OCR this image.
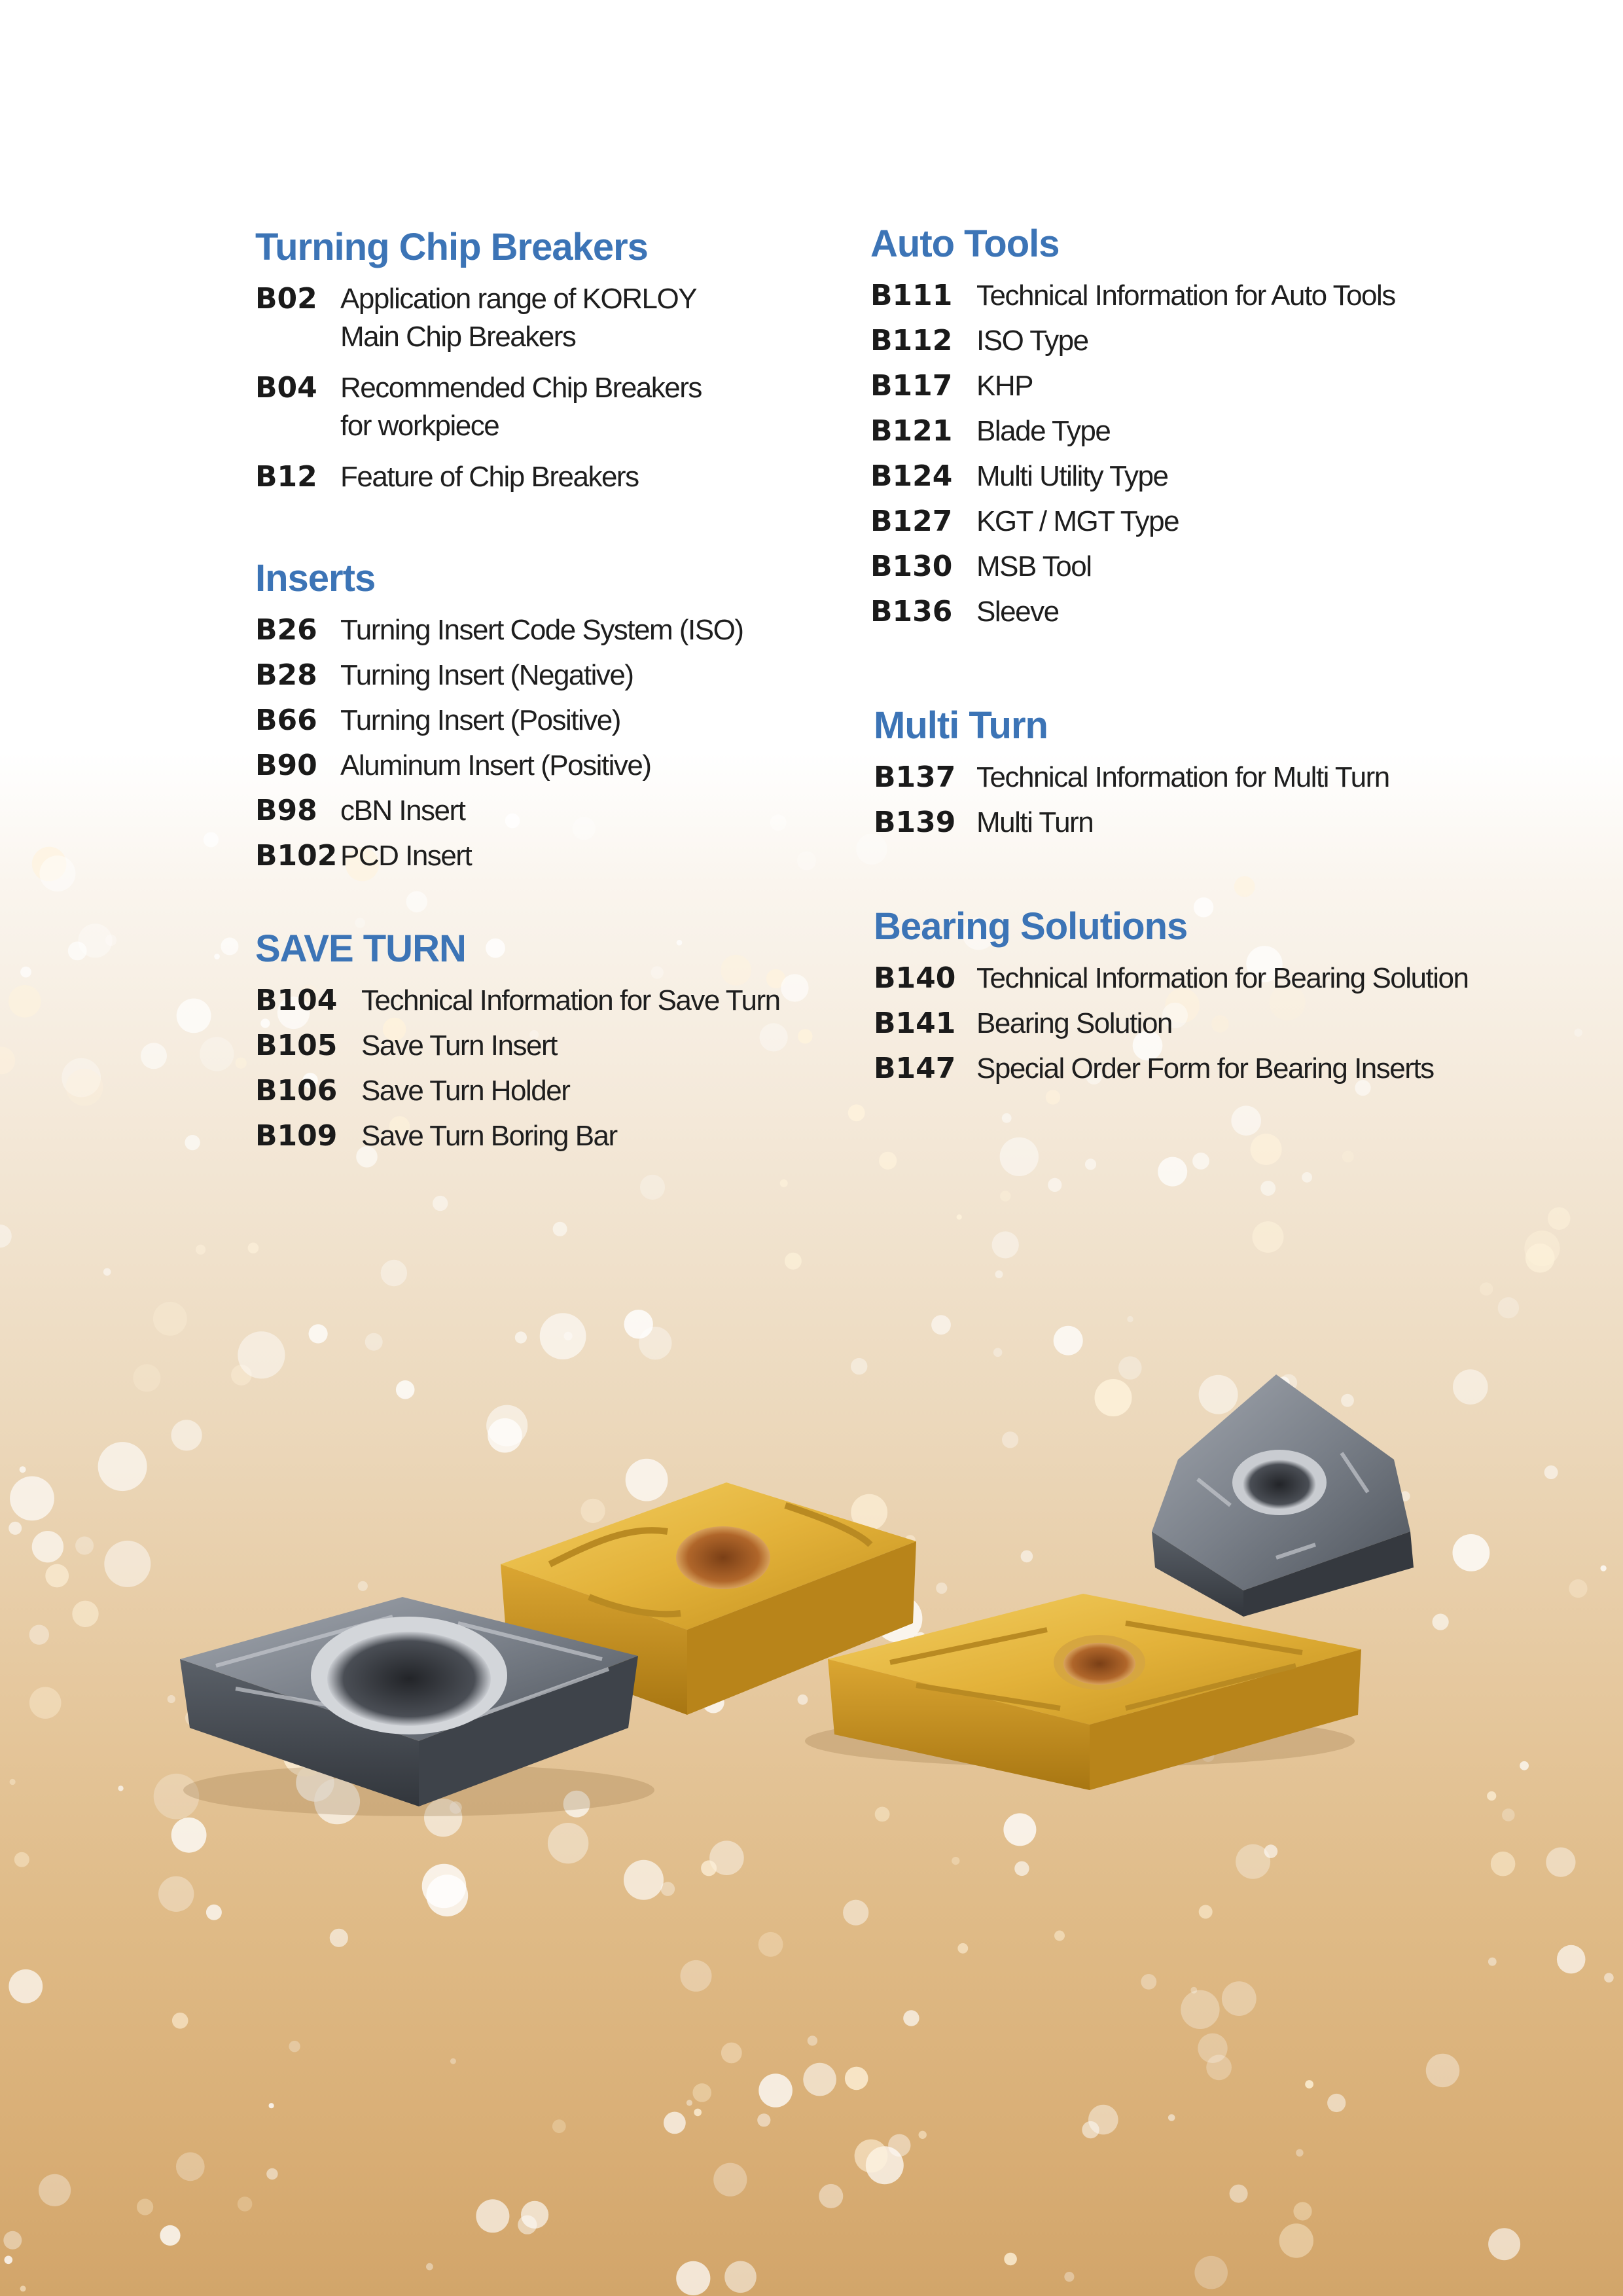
Turning Chip Breakers
B02 Application range of KORLOY
Main Chip Breakers
B04 Recommended Chip Breakers
for workpiece
B12 Feature of Chip Breakers
Inserts
B26 Turning Insert Code System (ISO)
B28 Turning Insert (Negative)
B66 Turning Insert (Positive)
B90 Aluminum Insert (Positive)
B98 cBN Insert
B102 PCD Insert
SAVE TURN
B104 Technical Information for Save Turn
B105 Save Turn Insert
B106 Save Turn Holder
B109 Save Turn Boring Bar
Auto Tools
B111 Technical Information for Auto Tools
B112 ISO Type
B117 KHP
B121 Blade Type
B124 Multi Utility Type
B127 KGT / MGT Type
B130 MSB Tool
B136 Sleeve
Multi Turn
B137 Technical Information for Multi Turn
B139 Multi Turn
Bearing Solutions
B140 Technical Information for Bearing Solution
B141 Bearing Solution
B147 Special Order Form for Bearing Inserts
